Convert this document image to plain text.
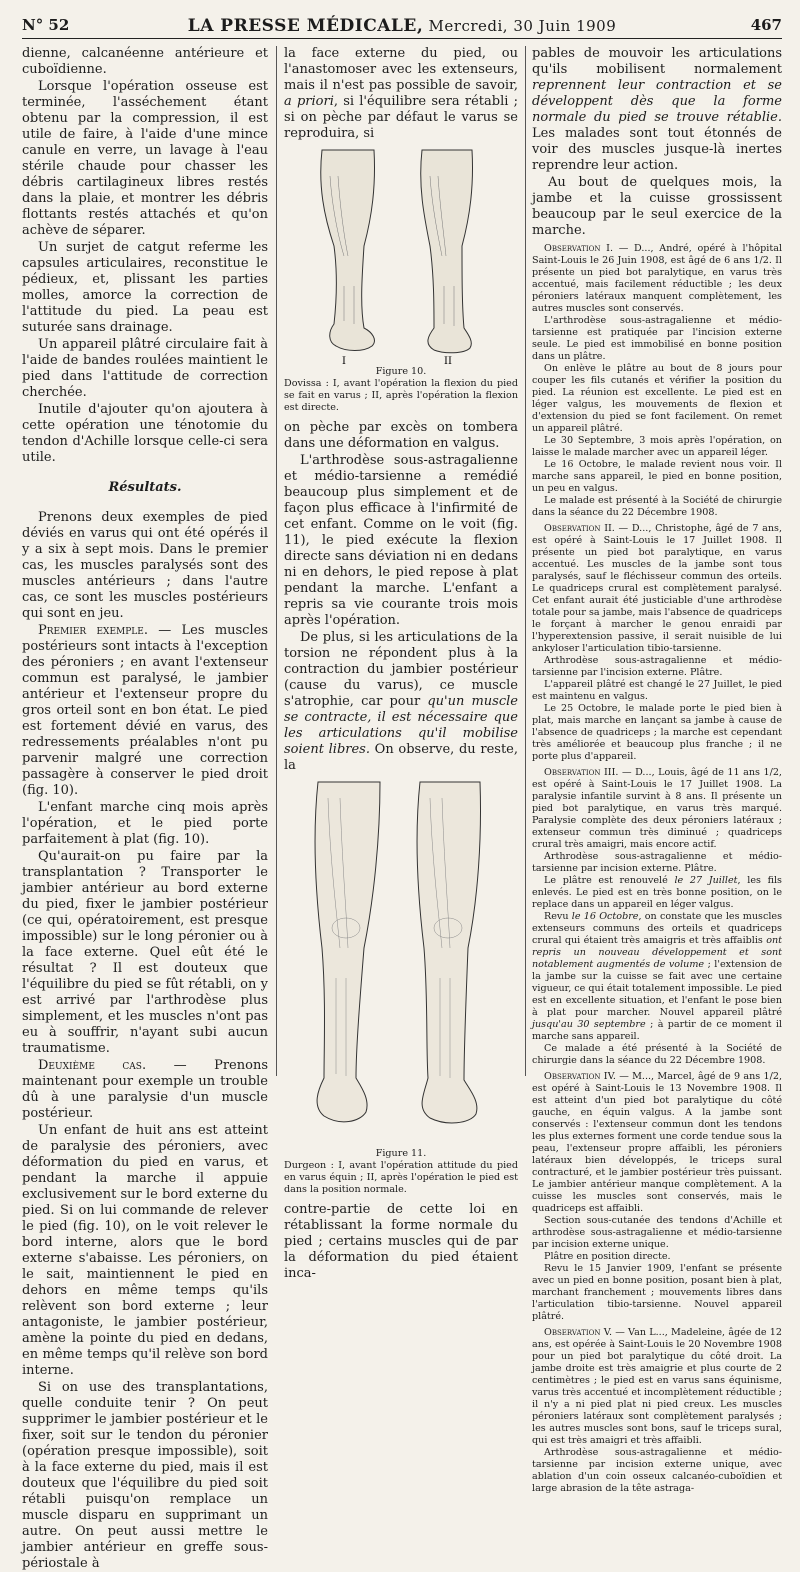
N° 52	LA PRESSE MÉDICALE, Mercredi, 30 Juin 1909	467

dienne, calcanéenne antérieure et cuboïdienne.

Lorsque l'opération osseuse est terminée, l'asséchement étant obtenu par la compression, il est utile de faire, à l'aide d'une mince canule en verre, un lavage à l'eau stérile chaude pour chasser les débris cartilagineux libres restés dans la plaie, et montrer les débris flottants restés attachés et qu'on achève de séparer.

Un surjet de catgut referme les capsules articulaires, reconstitue le pédieux, et, plissant les parties molles, amorce la correction de l'attitude du pied. La peau est suturée sans drainage.

Un appareil plâtré circulaire fait à l'aide de bandes roulées maintient le pied dans l'attitude de correction cherchée.

Inutile d'ajouter qu'on ajoutera à cette opération une ténotomie du tendon d'Achille lorsque celle-ci sera utile.

Résultats.

Prenons deux exemples de pied déviés en varus qui ont été opérés il y a six à sept mois. Dans le premier cas, les muscles paralysés sont des muscles antérieurs ; dans l'autre cas, ce sont les muscles postérieurs qui sont en jeu.

Premier exemple. — Les muscles postérieurs sont intacts à l'exception des péroniers ; en avant l'extenseur commun est paralysé, le jambier antérieur et l'extenseur propre du gros orteil sont en bon état. Le pied est fortement dévié en varus, des redressements préalables n'ont pu parvenir malgré une correction passagère à conserver le pied droit (fig. 10).

L'enfant marche cinq mois après l'opération, et le pied porte parfaitement à plat (fig. 10).

Qu'aurait-on pu faire par la transplantation ? Transporter le jambier antérieur au bord externe du pied, fixer le jambier postérieur (ce qui, opératoirement, est presque impossible) sur le long péronier ou à la face externe. Quel eût été le résultat ? Il est douteux que l'équilibre du pied se fût rétabli, on y est arrivé par l'arthrodèse plus simplement, et les muscles n'ont pas eu à souffrir, n'ayant subi aucun traumatisme.

Deuxième cas. — Prenons maintenant pour exemple un trouble dû à une paralysie d'un muscle postérieur.

Un enfant de huit ans est atteint de paralysie des péroniers, avec déformation du pied en varus, et pendant la marche il appuie exclusivement sur le bord externe du pied. Si on lui commande de relever le pied (fig. 10), on le voit relever le bord interne, alors que le bord externe s'abaisse. Les péroniers, on le sait, maintiennent le pied en dehors en même temps qu'ils relèvent son bord externe ; leur antagoniste, le jambier postérieur, amène la pointe du pied en dedans, en même temps qu'il relève son bord interne.

Si on use des transplantations, quelle conduite tenir ? On peut supprimer le jambier postérieur et le fixer, soit sur le tendon du péronier (opération presque impossible), soit à la face externe du pied, mais il est douteux que l'équilibre du pied soit rétabli puisqu'on remplace un muscle disparu en supprimant un autre. On peut aussi mettre le jambier antérieur en greffe sous-périostale à

la face externe du pied, ou l'anastomoser avec les extenseurs, mais il n'est pas possible de savoir, a priori, si l'équilibre sera rétabli ; si on pèche par défaut le varus se reproduira, si

I	II
Figure 10.
Dovissa : I, avant l'opération la flexion du pied se fait en varus ; II, après l'opération la flexion est directe.

on pèche par excès on tombera dans une déformation en valgus.

L'arthrodèse sous-astragalienne et médio-tarsienne a remédié beaucoup plus simplement et de façon plus efficace à l'infirmité de cet enfant. Comme on le voit (fig. 11), le pied exécute la flexion directe sans déviation ni en dedans ni en dehors, le pied repose à plat pendant la marche. L'enfant a repris sa vie courante trois mois après l'opération.

De plus, si les articulations de la torsion ne répondent plus à la contraction du jambier postérieur (cause du varus), ce muscle s'atrophie, car pour qu'un muscle se contracte, il est nécessaire que les articulations qu'il mobilise soient libres. On observe, du reste, la

Figure 11.
Durgeon : I, avant l'opération attitude du pied en varus équin ; II, après l'opération le pied est dans la position normale.

contre-partie de cette loi en rétablissant la forme normale du pied ; certains muscles qui de par la déformation du pied étaient inca-

pables de mouvoir les articulations qu'ils mobilisent normalement reprennent leur contraction et se développent dès que la forme normale du pied se trouve rétablie. Les malades sont tout étonnés de voir des muscles jusque-là inertes reprendre leur action.

Au bout de quelques mois, la jambe et la cuisse grossissent beaucoup par le seul exercice de la marche.

Observation I. — D..., André, opéré à l'hôpital Saint-Louis le 26 Juin 1908, est âgé de 6 ans 1/2. Il présente un pied bot paralytique, en varus très accentué, mais facilement réductible ; les deux péroniers latéraux manquent complètement, les autres muscles sont conservés.

L'arthrodèse sous-astragalienne et médio-tarsienne est pratiquée par l'incision externe seule. Le pied est immobilisé en bonne position dans un plâtre.

On enlève le plâtre au bout de 8 jours pour couper les fils cutanés et vérifier la position du pied. La réunion est excellente. Le pied est en léger valgus, les mouvements de flexion et d'extension du pied se font facilement. On remet un appareil plâtré.

Le 30 Septembre, 3 mois après l'opération, on laisse le malade marcher avec un appareil léger.

Le 16 Octobre, le malade revient nous voir. Il marche sans appareil, le pied en bonne position, un peu en valgus.

Le malade est présenté à la Société de chirurgie dans la séance du 22 Décembre 1908.

Observation II. — D..., Christophe, âgé de 7 ans, est opéré à Saint-Louis le 17 Juillet 1908. Il présente un pied bot paralytique, en varus accentué. Les muscles de la jambe sont tous paralysés, sauf le fléchisseur commun des orteils. Le quadriceps crural est complètement paralysé. Cet enfant aurait été justiciable d'une arthrodèse totale pour sa jambe, mais l'absence de quadriceps le forçant à marcher le genou enraidi par l'hyperextension passive, il serait nuisible de lui ankyloser l'articulation tibio-tarsienne.

Arthrodèse sous-astragalienne et médio-tarsienne par l'incision externe. Plâtre.

L'appareil plâtré est changé le 27 Juillet, le pied est maintenu en valgus.

Le 25 Octobre, le malade porte le pied bien à plat, mais marche en lançant sa jambe à cause de l'absence de quadriceps ; la marche est cependant très améliorée et beaucoup plus franche ; il ne porte plus d'appareil.

Observation III. — D..., Louis, âgé de 11 ans 1/2, est opéré à Saint-Louis le 17 Juillet 1908. La paralysie infantile survint à 8 ans. Il présente un pied bot paralytique, en varus très marqué. Paralysie complète des deux péroniers latéraux ; extenseur commun très diminué ; quadriceps crural très amaigri, mais encore actif.

Arthrodèse sous-astragalienne et médio-tarsienne par incision externe. Plâtre.

Le plâtre est renouvelé le 27 Juillet, les fils enlevés. Le pied est en très bonne position, on le replace dans un appareil en léger valgus.

Revu le 16 Octobre, on constate que les muscles extenseurs communs des orteils et quadriceps crural qui étaient très amaigris et très affaiblis ont repris un nouveau développement et sont notablement augmentés de volume ; l'extension de la jambe sur la cuisse se fait avec une certaine vigueur, ce qui était totalement impossible. Le pied est en excellente situation, et l'enfant le pose bien à plat pour marcher. Nouvel appareil plâtré jusqu'au 30 septembre ; à partir de ce moment il marche sans appareil.

Ce malade a été présenté à la Société de chirurgie dans la séance du 22 Décembre 1908.

Observation IV. — M..., Marcel, âgé de 9 ans 1/2, est opéré à Saint-Louis le 13 Novembre 1908. Il est atteint d'un pied bot paralytique du côté gauche, en équin valgus. A la jambe sont conservés : l'extenseur commun dont les tendons les plus externes forment une corde tendue sous la peau, l'extenseur propre affaibli, les péroniers latéraux bien développés, le triceps sural contracturé, et le jambier postérieur très puissant. Le jambier antérieur manque complètement. A la cuisse les muscles sont conservés, mais le quadriceps est affaibli.

Section sous-cutanée des tendons d'Achille et arthrodèse sous-astragalienne et médio-tarsienne par incision externe unique.

Plâtre en position directe.

Revu le 15 Janvier 1909, l'enfant se présente avec un pied en bonne position, posant bien à plat, marchant franchement ; mouvements libres dans l'articulation tibio-tarsienne. Nouvel appareil plâtré.

Observation V. — Van L..., Madeleine, âgée de 12 ans, est opérée à Saint-Louis le 20 Novembre 1908 pour un pied bot paralytique du côté droit. La jambe droite est très amaigrie et plus courte de 2 centimètres ; le pied est en varus sans équinisme, varus très accentué et incomplètement réductible ; il n'y a ni pied plat ni pied creux. Les muscles péroniers latéraux sont complètement paralysés ; les autres muscles sont bons, sauf le triceps sural, qui est très amaigri et très affaibli.

Arthrodèse sous-astragalienne et médio-tarsienne par incision externe unique, avec ablation d'un coin osseux calcanéo-cuboïdien et large abrasion de la tête astraga-
